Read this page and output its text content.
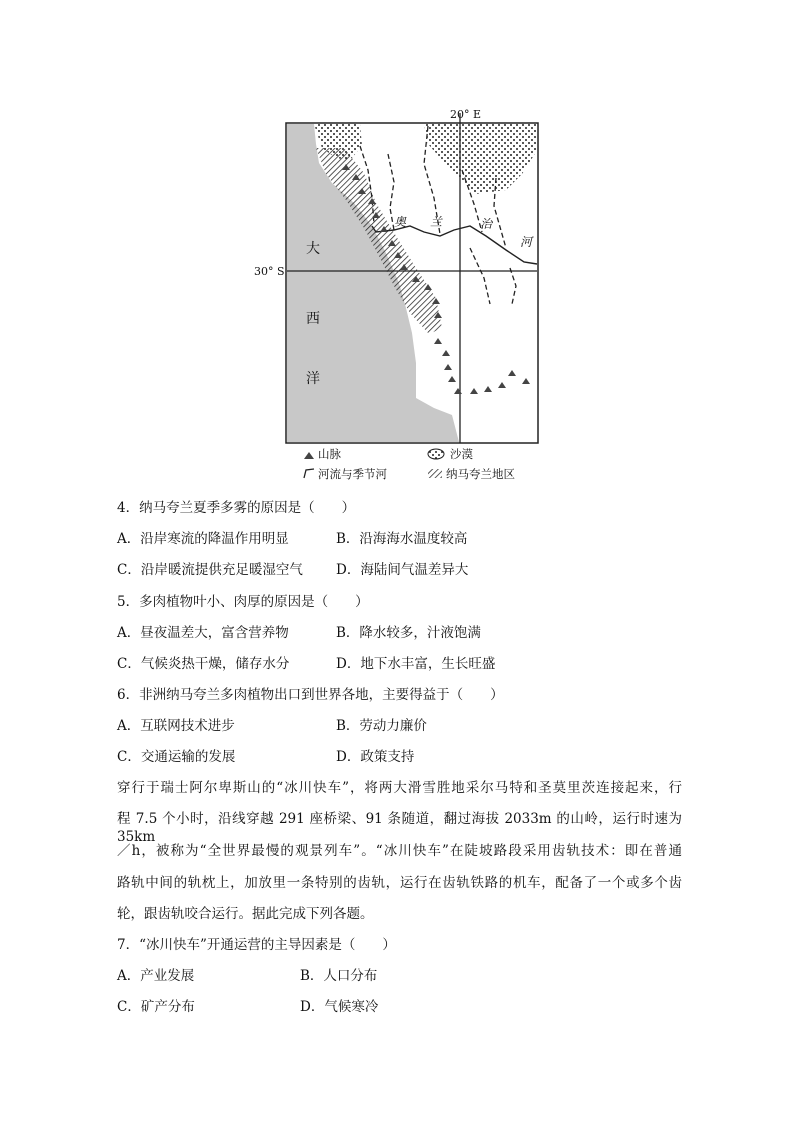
20° E
30° S
大
西
洋
奥 兰	治
河
山脉	沙漠
河流与季节河	纳马夸兰地区
4．纳马夸兰夏季多雾的原因是（　　）
A．沿岸寒流的降温作用明显	B．沿海海水温度较高
C．沿岸暖流提供充足暖湿空气 D．海陆间气温差异大
5．多肉植物叶小、肉厚的原因是（　　）
A．昼夜温差大，富含营养物	B．降水较多，汁液饱满
C．气候炎热干燥，储存水分	D．地下水丰富，生长旺盛
6．非洲纳马夸兰多肉植物出口到世界各地，主要得益于（　　）
A．互联网技术进步	B．劳动力廉价
C．交通运输的发展	D．政策支持
穿行于瑞士阿尔卑斯山的“冰川快车”，将两大滑雪胜地采尔马特和圣莫里茨连接起来，行
程 7.5 个小时，沿线穿越 291 座桥梁、91 条随道，翻过海拔 2033m 的山岭，运行时速为 35km
／h，被称为“全世界最慢的观景列车”。“冰川快车”在陡坡路段采用齿轨技术：即在普通
路轨中间的轨枕上，加放里一条特别的齿轨，运行在齿轨铁路的机车，配备了一个或多个齿
轮，跟齿轨咬合运行。据此完成下列各题。
7．“冰川快车”开通运营的主导因素是（　　）
A．产业发展	B．人口分布
C．矿产分布	D．气候寒冷
